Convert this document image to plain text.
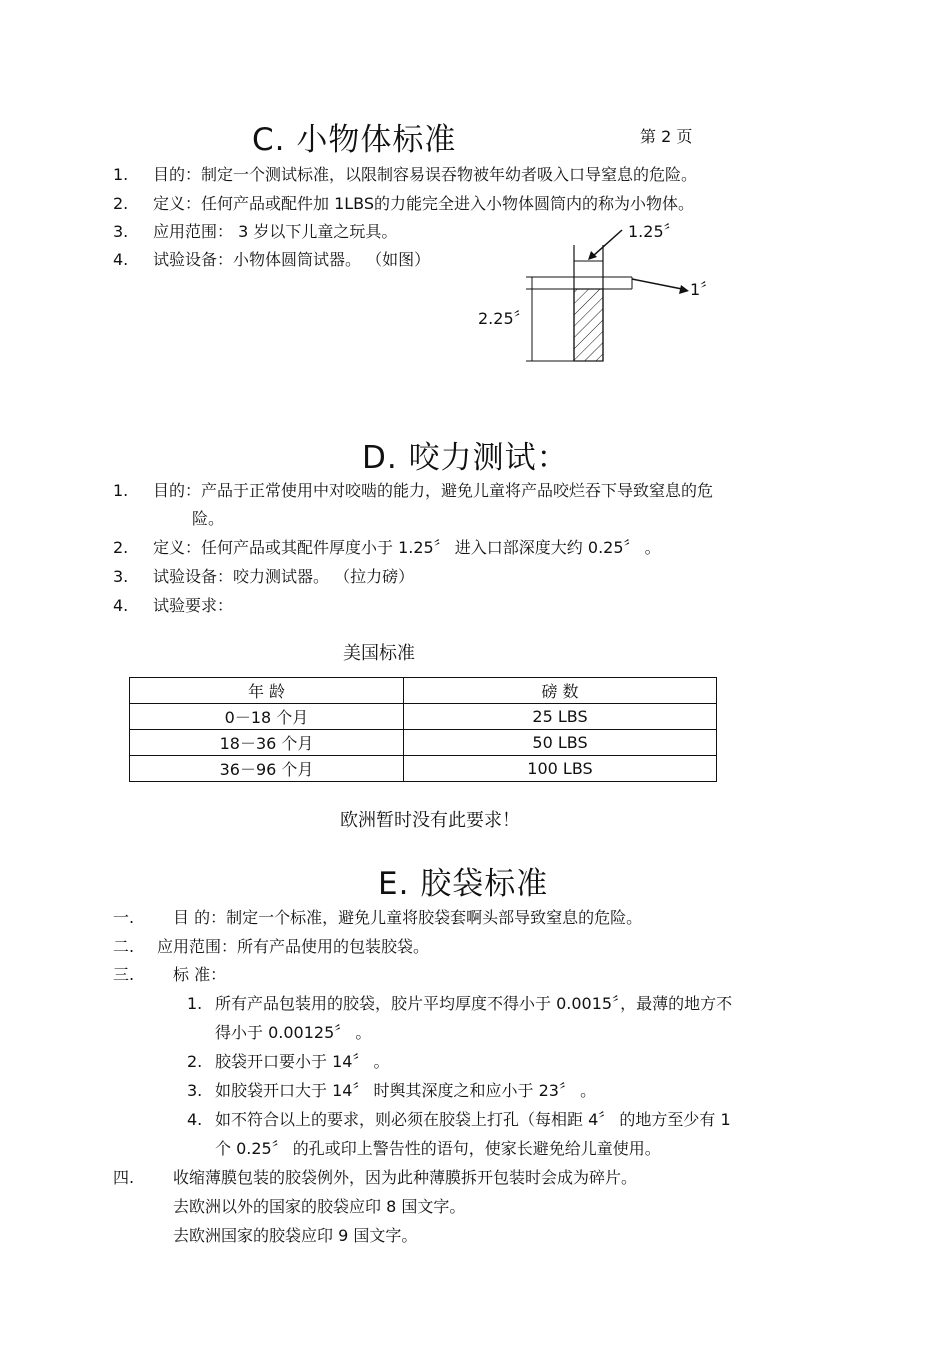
C. 小物体标准	第 2 页
1. 目的：制定一个测试标准，以限制容易误吞物被年幼者吸入口导窒息的危险。
2. 定义：任何产品或配件加 1LBS的力能完全进入小物体圆筒内的称为小物体。
3. 应用范围： 3 岁以下儿童之玩具。
4. 试验设备：小物体圆筒试器。 （如图）
1.25〞
1〞
2.25〞
D. 咬力测试：
1. 目的：产品于正常使用中对咬啮的能力，避免儿童将产品咬烂吞下导致窒息的危
险。
2. 定义：任何产品或其配件厚度小于 1.25〞 进入口部深度大约 0.25〞 。
3. 试验设备：咬力测试器。 （拉力磅）
4. 试验要求：
美国标准
年 龄	磅 数
0－18 个月	25 LBS
18－36 个月	50 LBS
36－96 个月	100 LBS
欧洲暂时没有此要求！
E. 胶袋标准
一. 目 的：制定一个标准，避免儿童将胶袋套啊头部导致窒息的危险。
二. 应用范围：所有产品使用的包装胶袋。
三. 标 准：
1. 所有产品包装用的胶袋，胶片平均厚度不得小于 0.0015〞，最薄的地方不
得小于 0.00125〞 。
2. 胶袋开口要小于 14〞 。
3. 如胶袋开口大于 14〞 时舆其深度之和应小于 23〞 。
4. 如不符合以上的要求，则必须在胶袋上打孔（每相距 4〞 的地方至少有 1
个 0.25〞 的孔或印上警告性的语句，使家长避免给儿童使用。
四. 收缩薄膜包装的胶袋例外，因为此种薄膜拆开包装时会成为碎片。
去欧洲以外的国家的胶袋应印 8 国文字。
去欧洲国家的胶袋应印 9 国文字。
